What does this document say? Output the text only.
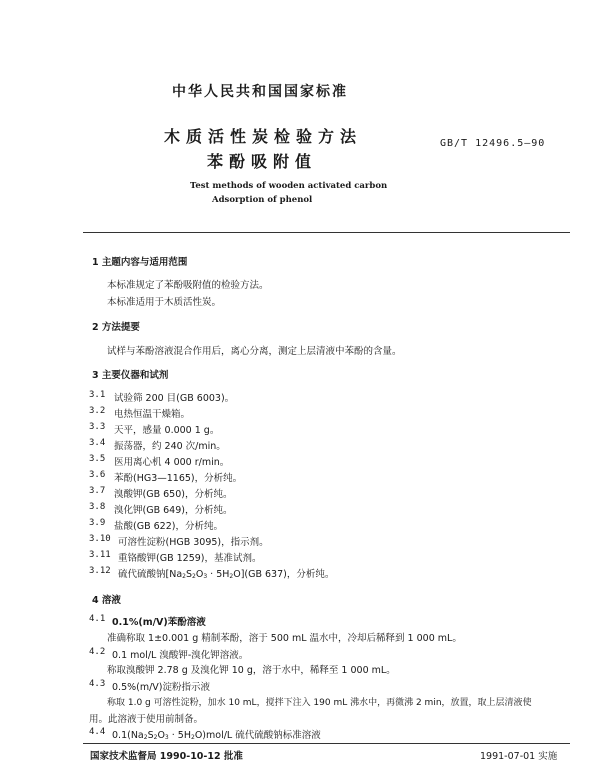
中华人民共和国国家标准
木质活性炭检验方法
苯酚吸附值
GB/T 12496.5—90
Test methods of wooden activated carbon
Adsorption of phenol
1 主题内容与适用范围
本标准规定了苯酚吸附值的检验方法。
本标准适用于木质活性炭。
2 方法提要
试样与苯酚溶液混合作用后，离心分离，测定上层清液中苯酚的含量。
3 主要仪器和试剂
3.1 试验筛 200 目(GB 6003)。
3.2 电热恒温干燥箱。
3.3 天平，感量 0.000 1 g。
3.4 振荡器，约 240 次/min。
3.5 医用离心机 4 000 r/min。
3.6 苯酚(HG3—1165)，分析纯。
3.7 溴酸钾(GB 650)，分析纯。
3.8 溴化钾(GB 649)，分析纯。
3.9 盐酸(GB 622)，分析纯。
3.10 可溶性淀粉(HGB 3095)，指示剂。
3.11 重铬酸钾(GB 1259)，基准试剂。
3.12 硫代硫酸钠$[Na_2S_2O_3 \cdot 5H_2O](GB$ 637)，分析纯。
4 溶液
4.1 0.1%(m/V)苯酚溶液
准确称取 1±0.001 g 精制苯酚，溶于 500 mL 温水中，冷却后稀释到 1 000 mL。
4.2 0.1 mol/L 溴酸钾-溴化钾溶液。
称取溴酸钾 2.78 g 及溴化钾 10 g，溶于水中，稀释至 1 000 mL。
4.3 0.5%(m/V)淀粉指示液
称取 1.0 g 可溶性淀粉，加水 10 mL，搅拌下注入 190 mL 沸水中，再微沸 2 min，放置，取上层清液使
用。此溶液于使用前制备。
4.4 $0.1(Na_2S_2O_3 \cdot 5H_2O)mol/L$ 硫代硫酸钠标准溶液
国家技术监督局 1990-10-12 批准	1991-07-01 实施
